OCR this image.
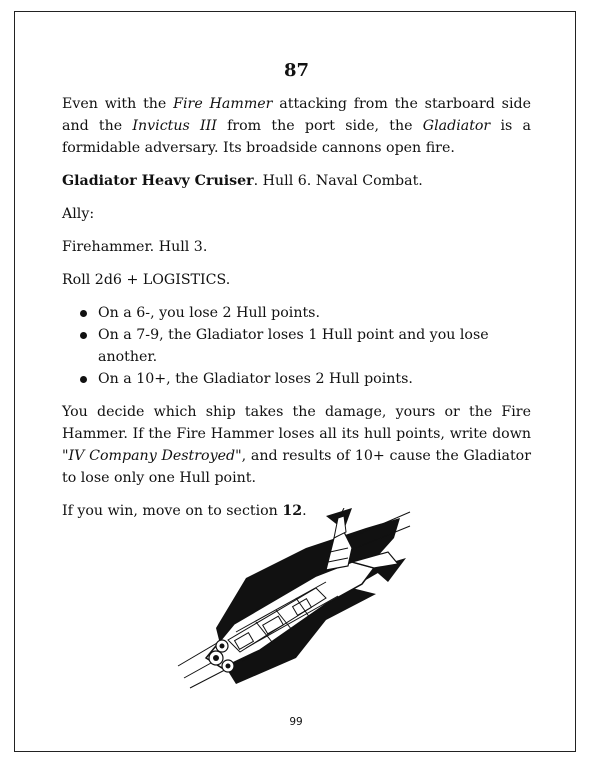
87

Even with the Fire Hammer attacking from the starboard side and the Invictus III from the port side, the Gladiator is a formidable adversary. Its broadside cannons open fire.

Gladiator Heavy Cruiser. Hull 6. Naval Combat.

Ally:

Firehammer. Hull 3.

Roll 2d6 + LOGISTICS.

On a 6-, you lose 2 Hull points.
On a 7-9, the Gladiator loses 1 Hull point and you lose another.
On a 10+, the Gladiator loses 2 Hull points.

You decide which ship takes the damage, yours or the Fire Hammer. If the Fire Hammer loses all its hull points, write down "IV Company Destroyed", and results of 10+ cause the Gladiator to lose only one Hull point.

If you win, move on to section 12.

99
